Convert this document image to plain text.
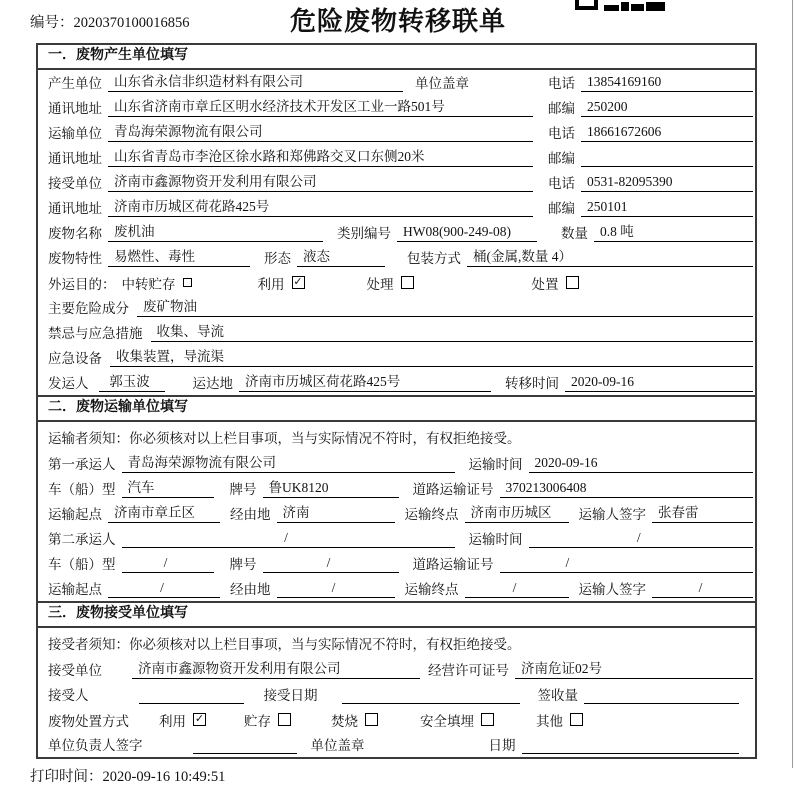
编号：2020370100016856	危险废物转移联单
一．废物产生单位填写
产生单位 山东省永信非织造材料有限公司	单位盖章	电话 13854169160
通讯地址 山东省济南市章丘区明水经济技术开发区工业一路501号	邮编 250200
运输单位 青岛海荣源物流有限公司	电话 18661672606
通讯地址 山东省青岛市李沧区徐水路和郑佛路交叉口东侧20米	邮编
接受单位 济南市鑫源物资开发利用有限公司	电话 0531-82095390
通讯地址 济南市历城区荷花路425号	邮编 250101
废物名称 废机油	类别编号 HW08(900-249-08)	数量 0.8 吨
废物特性 易燃性、毒性	形态 液态	包装方式 桶(金属,数量 4）
外运目的： 中转贮存	利用 ✓	处理	处置
主要危险成分	废矿物油
禁忌与应急措施	收集、导流
应急设备	收集装置，导流渠
发运人	郭玉波	运达地 济南市历城区荷花路425号	转移时间 2020-09-16
二．废物运输单位填写
运输者须知：你必须核对以上栏目事项，当与实际情况不符时，有权拒绝接受。
第一承运人 青岛海荣源物流有限公司	运输时间 2020-09-16
车（船）型 汽车	牌号 鲁UK8120	道路运输证号 370213006408
运输起点 济南市章丘区	经由地 济南	运输终点 济南市历城区	运输人签字 张春雷
第二承运人	/	运输时间	/
车（船）型	/	牌号	/	道路运输证号	/
运输起点	/	经由地	/	运输终点	/	运输人签字	/
三．废物接受单位填写
接受者须知：你必须核对以上栏目事项，当与实际情况不符时，有权拒绝接受。
接受单位	济南市鑫源物资开发利用有限公司	经营许可证号 济南危证02号
接受人	接受日期	签收量
废物处置方式 利用 ✓	贮存	焚烧	安全填埋	其他
单位负责人签字	单位盖章	日期
打印时间：2020-09-16 10:49:51
